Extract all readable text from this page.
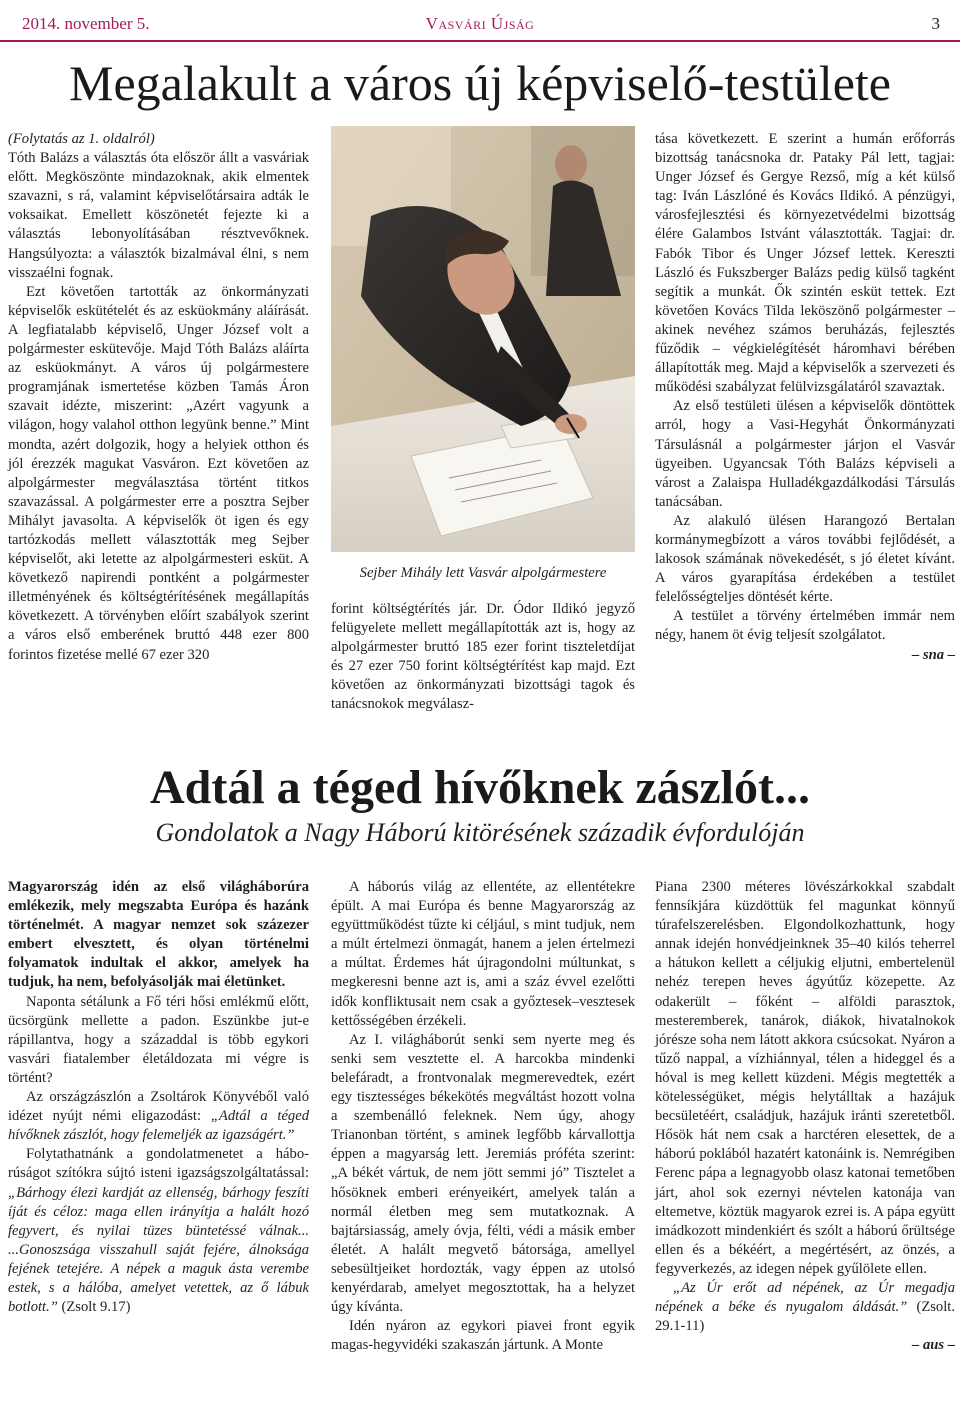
2014. november 5.	Vasvári Újság	3
Megalakult a város új képviselő-testülete

(Folytatás az 1. oldalról)

Tóth Balázs a választás óta először állt a vasváriak előtt. Megköszönte mindazoknak, akik elmentek szavazni, s rá, valamint képviselőtársaira adták le voksaikat. Emellett köszönetét fejezte ki a választás lebonyolításában résztvevőknek. Hangsúlyozta: a választók bizalmával élni, s nem visszaélni fognak.

Ezt követően tartották az önkormányzati képviselők eskütételét és az esküokmány aláírását. A legfiatalabb képviselő, Unger József volt a polgármester eskütevője. Majd Tóth Balázs aláírta az esküokmányt. A város új polgármestere programjának ismertetése közben Tamás Áron szavait idézte, miszerint: „Azért vagyunk a világon, hogy valahol otthon legyünk benne.” Mint mondta, azért dolgozik, hogy a helyiek otthon és jól érezzék magukat Vasváron. Ezt követően az alpolgármester megválasztása történt titkos szavazással. A polgármester erre a posztra Sejber Mihályt javasolta. A képviselők öt igen és egy tartózkodás mellett választották meg Sejber képviselőt, aki letette az alpolgármesteri esküt. A következő napirendi pontként a polgármester illetményének és költségtérítésének megállapítás következett. A törvényben előírt szabályok szerint a város első emberének bruttó 448 ezer 800 forintos fizetése mellé 67 ezer 320

Sejber Mihály lett Vasvár alpolgármestere

forint költségtérítés jár. Dr. Ódor Ildikó jegyző felügyelete mellett megállapították azt is, hogy az alpolgármester bruttó 185 ezer forint tiszteletdíjat és 27 ezer 750 forint költségtérítést kap majd. Ezt követően az önkormányzati bizottsági tagok és tanácsnokok megválasz-

tása következett. E szerint a humán erőforrás bizottság tanácsnoka dr. Pataky Pál lett, tagjai: Unger József és Gergye Rezső, míg a két külső tag: Iván Lászlóné és Kovács Ildikó. A pénzügyi, városfejlesztési és környezetvédelmi bizottság élére Galambos Istvánt választották. Tagjai: dr. Fabók Tibor és Unger József lettek. Kereszti László és Fukszberger Balázs pedig külső tagként segítik a munkát. Ők szintén esküt tettek. Ezt követően Kovács Tilda leköszönő polgármester – akinek nevéhez számos beruházás, fejlesztés fűződik – végkielégítését háromhavi bérében állapították meg. Majd a képviselők a szervezeti és működési szabályzat felülvizsgálatáról szavaztak.

Az első testületi ülésen a képviselők döntöttek arról, hogy a Vasi-Hegyhát Önkormányzati Társulásnál a polgármester járjon el Vasvár ügyeiben. Ugyancsak Tóth Balázs képviseli a várost a Zalaispa Hulladékgazdálkodási Társulás tanácsában.

Az alakuló ülésen Harangozó Bertalan kormánymegbízott a város további fejlődését, a lakosok számának növekedését, s jó életet kívánt. A város gyarapítása érdekében a testület felelősségteljes döntését kérte.

A testület a törvény értelmében immár nem négy, hanem öt évig teljesít szolgálatot.

– sna –

Adtál a téged hívőknek zászlót...
Gondolatok a Nagy Háború kitörésének századik évfordulóján

Magyarország idén az első világháborúra emlékezik, mely megszabta Európa és hazánk történelmét. A magyar nemzet sok százezer embert elvesztett, és olyan történelmi folyamatok indultak el akkor, amelyek ha tudjuk, ha nem, befolyásolják mai életünket.

Naponta sétálunk a Fő téri hősi emlékmű előtt, ücsörgünk mellette a padon. Eszünkbe jut-e rápillantva, hogy a századdal is több egykori vasvári fiatalember életáldozata mi végre is történt?

Az országzászlón a Zsoltárok Könyvéből való idézet nyújt némi eligazodást: „Adtál a téged hívőknek zászlót, hogy felemeljék az igazságért.”

Folytathatnánk a gondolatmenetet a háborúságot szítókra sújtó isteni igazságszolgáltatással: „Bárhogy élezi kardját az ellenség, bárhogy feszíti íját és céloz: maga ellen irányítja a halált hozó fegyvert, és nyilai tüzes büntetéssé válnak... ...Gonoszsága visszahull saját fejére, álnoksága fejének tetejére. A népek a maguk ásta verembe estek, s a hálóba, amelyet vetettek, az ő lábuk botlott.” (Zsolt 9.17)

A háborús világ az ellentéte, az ellentétekre épült. A mai Európa és benne Magyarország az együttműködést tűzte ki céljául, s mint tudjuk, nem a múlt értelmezi önmagát, hanem a jelen értelmezi a múltat. Érdemes hát újragondolni múltunkat, s megkeresni benne azt is, ami a száz évvel ezelőtti idők konfliktusait nem csak a győztesek–vesztesek kettősségében érzékeli.

Az I. világháborút senki sem nyerte meg és senki sem vesztette el. A harcokba mindenki belefáradt, a frontvonalak megmerevedtek, ezért egy tisztességes békekötés megváltást hozott volna a szembenálló feleknek. Nem úgy, ahogy Trianonban történt, s aminek legfőbb kárvallottja éppen a magyarság lett. Jeremiás próféta szerint: „A békét vártuk, de nem jött semmi jó” Tisztelet a hősöknek emberi erényeikért, amelyek talán a normál életben meg sem mutatkoznak. A bajtársiasság, amely óvja, félti, védi a másik ember életét. A halált megvető bátorsága, amellyel sebesültjeiket hordozták, vagy éppen az utolsó kenyérdarab, amelyet megosztottak, ha a helyzet úgy kívánta.

Idén nyáron az egykori piavei front egyik magas-hegyvidéki szakaszán jártunk. A Monte

Piana 2300 méteres lövészárkokkal szabdalt fennsíkjára küzdöttük fel magunkat könnyű túrafelszerelésben. Elgondolkozhattunk, hogy annak idején honvédjeinknek 35–40 kilós teherrel a hátukon kellett a céljukig eljutni, embertelenül nehéz terepen heves ágyútűz közepette. Az odakerült – főként – alföldi parasztok, mesteremberek, tanárok, diákok, hivatalnokok jórésze soha nem látott akkora csúcsokat. Nyáron a tűző nappal, a vízhiánnyal, télen a hideggel és a hóval is meg kellett küzdeni. Mégis megtették a kötelességüket, mégis helytálltak a hazájuk becsületéért, családjuk, hazájuk iránti szeretetből. Hősök hát nem csak a harctéren elesettek, de a háború poklából hazatért katonáink is. Nemrégiben Ferenc pápa a legnagyobb olasz katonai temetőben járt, ahol sok ezernyi névtelen katonája van eltemetve, köztük magyarok ezrei is. A pápa együtt imádkozott mindenkiért és szólt a háború őrültsége ellen és a békéért, a megértésért, az önzés, a fegyverkezés, az idegen népek gyűlölete ellen.

„Az Úr erőt ad népének, az Úr megadja népének a béke és nyugalom áldását.” (Zsolt. 29.1-11)

– aus –
